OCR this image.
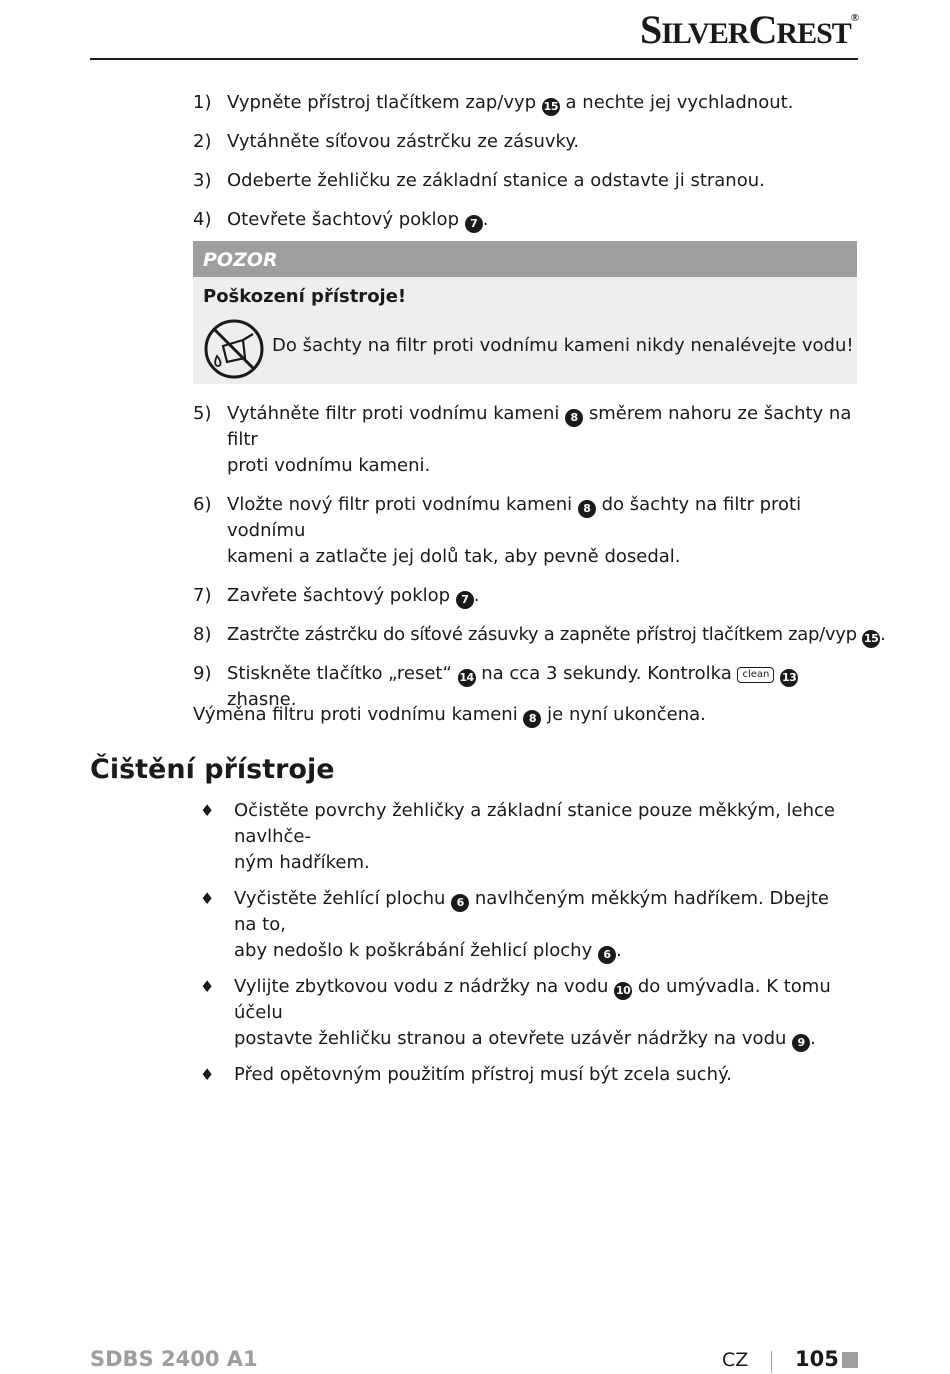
SILVERCREST®
1) Vypněte přístroj tlačítkem zap/vyp 15 a nechte jej vychladnout.
2) Vytáhněte síťovou zástrčku ze zásuvky.
3) Odeberte žehličku ze základní stanice a odstavte ji stranou.
4) Otevřete šachtový poklop 7 .
POZOR
Poškození přístroje!
Do šachty na filtr proti vodnímu kameni nikdy nenalévejte vodu!
5) Vytáhněte filtr proti vodnímu kameni 8 směrem nahoru ze šachty na filtr
proti vodnímu kameni.
6) Vložte nový filtr proti vodnímu kameni 8 do šachty na filtr proti vodnímu
kameni a zatlačte jej dolů tak, aby pevně dosedal.
7) Zavřete šachtový poklop 7 .
8) Zastrčte zástrčku do síťové zásuvky a zapněte přístroj tlačítkem zap/vyp 15 .
9) Stiskněte tlačítko „reset“ 14 na cca 3 sekundy. Kontrolka clean 13
zhasne.
Výměna filtru proti vodnímu kameni 8 je nyní ukončena.
Čištění přístroje
♦	Očistěte povrchy žehličky a základní stanice pouze měkkým, lehce navlhče-
ným hadříkem.
♦	Vyčistěte žehlící plochu 6 navlhčeným měkkým hadříkem. Dbejte na to,
aby nedošlo k poškrábání žehlicí plochy 6 .
♦	Vylijte zbytkovou vodu z nádržky na vodu 10 do umývadla. K tomu účelu
postavte žehličku stranou a otevřete uzávěr nádržky na vodu 9 .
♦	Před opětovným použitím přístroj musí být zcela suchý.
SDBS 2400 A1	CZ 105
